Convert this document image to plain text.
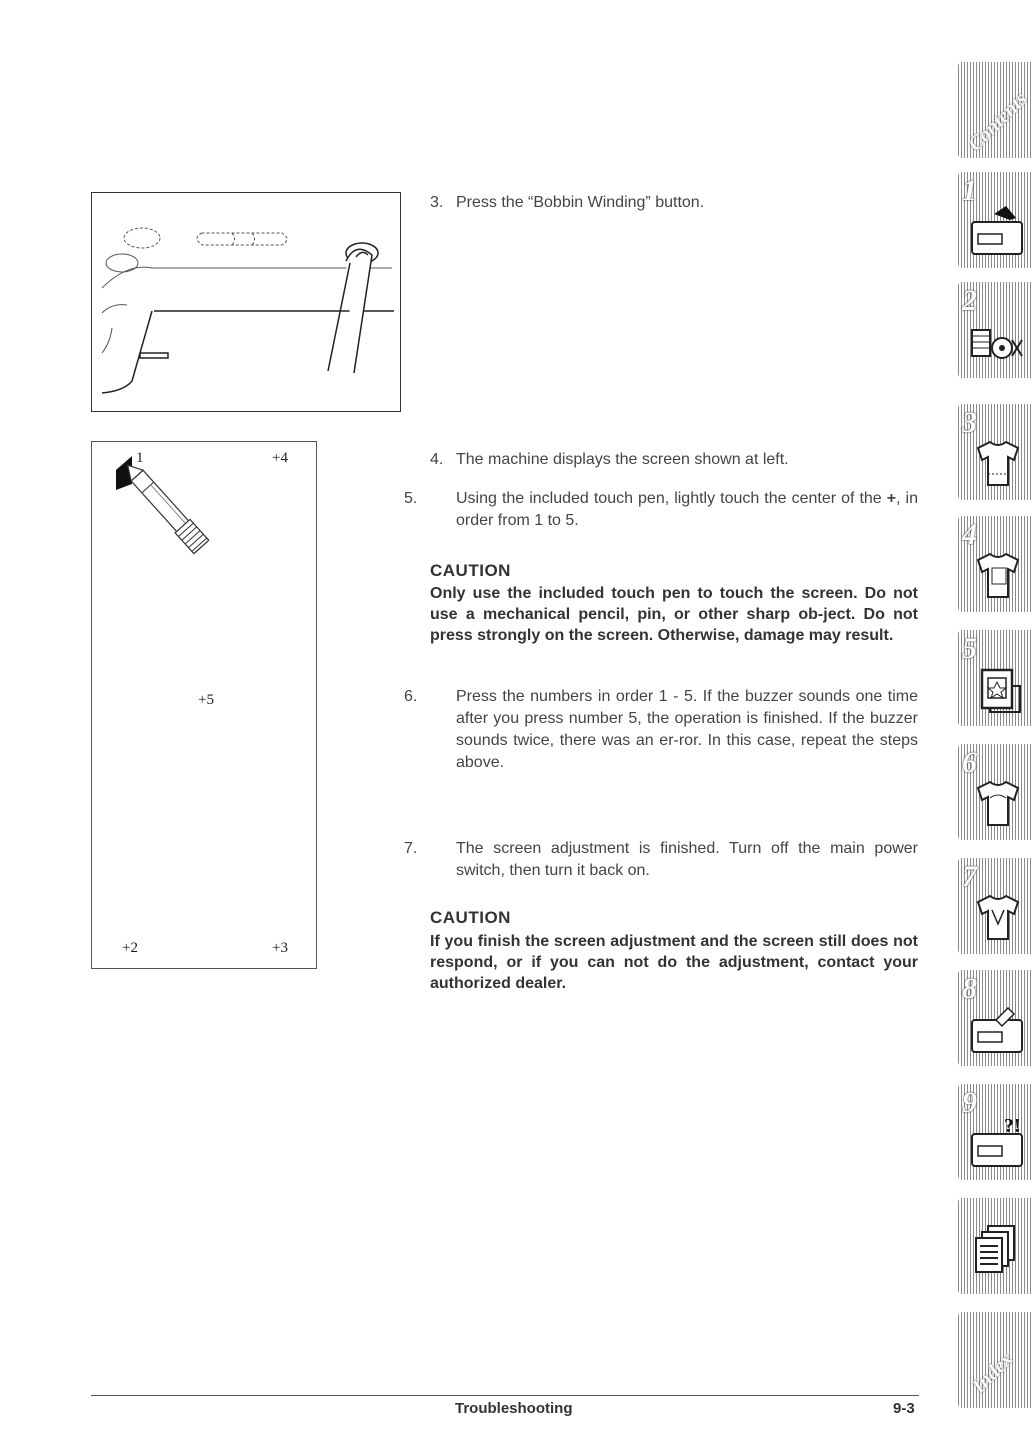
1	+4
+5
+2	+3
3. Press the “Bobbin Winding” button.
4. The machine displays the screen shown at left.
5. Using the included touch pen, lightly touch the center of the +, in order from 1 to 5.
CAUTION
Only use the included touch pen to touch the screen. Do not use a mechanical pencil, pin, or other sharp ob-ject. Do not press strongly on the screen. Otherwise, damage may result.
6. Press the numbers in order 1 - 5. If the buzzer sounds one time after you press number 5, the operation is finished. If the buzzer sounds twice, there was an er-ror. In this case, repeat the steps above.
7. The screen adjustment is finished. Turn off the main power switch, then turn it back on.
CAUTION
If you finish the screen adjustment and the screen still does not respond, or if you can not do the adjustment, contact your authorized dealer.
Troubleshooting	9-3
Contents
1
2
3
4
5
6
7
8
9
?!
Index
